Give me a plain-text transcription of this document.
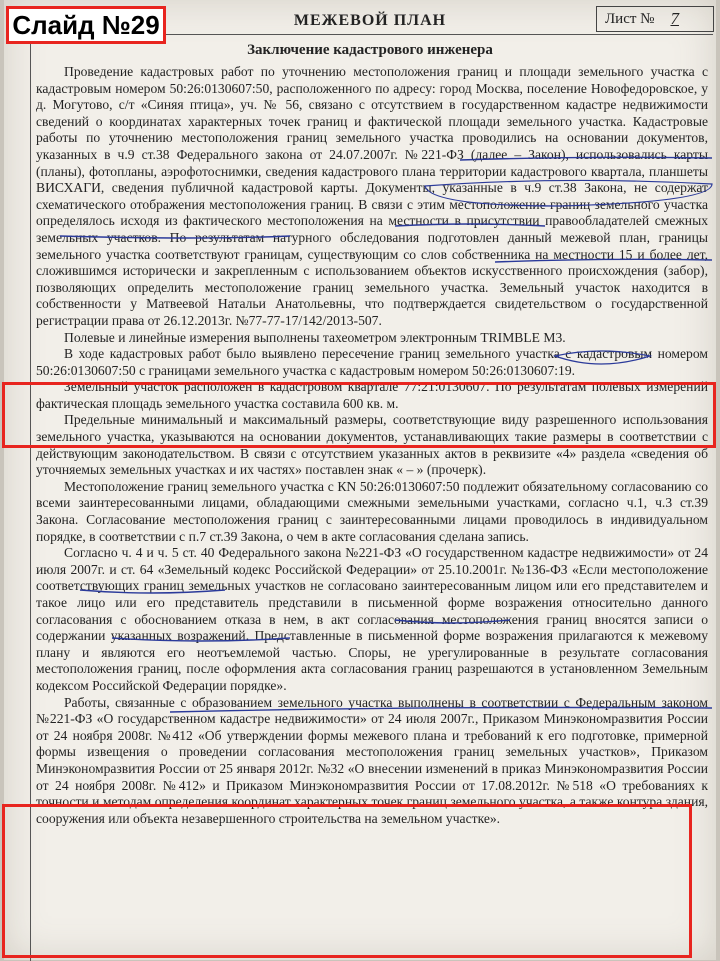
Слайд №29	МЕЖЕВОЙ ПЛАН	Лист № 7
Заключение кадастрового инженера

Проведение кадастровых работ по уточнению местоположения границ и площади земельного участка с кадастровым номером 50:26:0130607:50, расположенного по адресу: город Москва, поселение Новофедоровское, у д. Могутово, с/т «Синяя птица», уч. № 56, связано с отсутствием в государственном кадастре недвижимости сведений о координатах характерных точек границ и фактической площади земельного участка. Кадастровые работы по уточнению местоположения границ земельного участка проводились на основании документов, указанных в ч.9 ст.38 Федерального закона от 24.07.2007г. №221-ФЗ (далее – Закон), использовались карты (планы), фотопланы, аэрофотоснимки, сведения кадастрового плана территории кадастрового квартала, планшеты ВИСХАГИ, сведения публичной кадастровой карты. Документы, указанные в ч.9 ст.38 Закона, не содержат схематического отображения местоположения границ. В связи с этим местоположение границ земельного участка определялось исходя из фактического местоположения на местности в присутствии правообладателей смежных земельных участков. По результатам натурного обследования подготовлен данный межевой план, границы земельного участка соответствуют границам, существующим со слов собственника на местности 15 и более лет, сложившимся исторически и закрепленным с использованием объектов искусственного происхождения (забор), позволяющих определить местоположение границ земельного участка. Земельный участок находится в собственности у Матвеевой Натальи Анатольевны, что подтверждается свидетельством о государственной регистрации права от 26.12.2013г. №77-77-17/142/2013-507.

Полевые и линейные измерения выполнены тахеометром электронным TRIMBLE M3.

В ходе кадастровых работ было выявлено пересечение границ земельного участка с кадастровым номером 50:26:0130607:50 с границами земельного участка с кадастровым номером 50:26:0130607:19.

Земельный участок расположен в кадастровом квартале 77:21:0130607. По результатам полевых измерений фактическая площадь земельного участка составила 600 кв. м.

Предельные минимальный и максимальный размеры, соответствующие виду разрешенного использования земельного участка, указываются на основании документов, устанавливающих такие размеры в соответствии с действующим законодательством. В связи с отсутствием указанных актов в реквизите «4» раздела «сведения об уточняемых земельных участках и их частях» поставлен знак « – » (прочерк).

Местоположение границ земельного участка с КN 50:26:0130607:50 подлежит обязательному согласованию со всеми заинтересованными лицами, обладающими смежными земельными участками, согласно ч.1, ч.3 ст.39 Закона. Согласование местоположения границ с заинтересованными лицами проводилось в индивидуальном порядке, в соответствии с п.7 ст.39 Закона, о чем в акте согласования сделана запись.

Согласно ч. 4 и ч. 5 ст. 40 Федерального закона №221-ФЗ «О государственном кадастре недвижимости» от 24 июля 2007г. и ст. 64 «Земельный кодекс Российской Федерации» от 25.10.2001г. №136-ФЗ «Если местоположение соответствующих границ земельных участков не согласовано заинтересованным лицом или его представителем и такое лицо или его представитель представили в письменной форме возражения относительно данного согласования с обоснованием отказа в нем, в акт согласования местоположения границ вносятся записи о содержании указанных возражений. Представленные в письменной форме возражения прилагаются к межевому плану и являются его неотъемлемой частью. Споры, не урегулированные в результате согласования местоположения границ, после оформления акта согласования границ разрешаются в установленном Земельным кодексом Российской Федерации порядке».

Работы, связанные с образованием земельного участка выполнены в соответствии с Федеральным законом №221-ФЗ «О государственном кадастре недвижимости» от 24 июля 2007г., Приказом Минэкономразвития России от 24 ноября 2008г. №412 «Об утверждении формы межевого плана и требований к его подготовке, примерной формы извещения о проведении согласования местоположения границ земельных участков», Приказом Минэкономразвития России от 25 января 2012г. №32 «О внесении изменений в приказ Минэкономразвития России от 24 ноября 2008г. №412» и Приказом Минэкономразвития России от 17.08.2012г. №518 «О требованиях к точности и методам определения координат характерных точек границ земельного участка, а также контура здания, сооружения или объекта незавершенного строительства на земельном участке».
